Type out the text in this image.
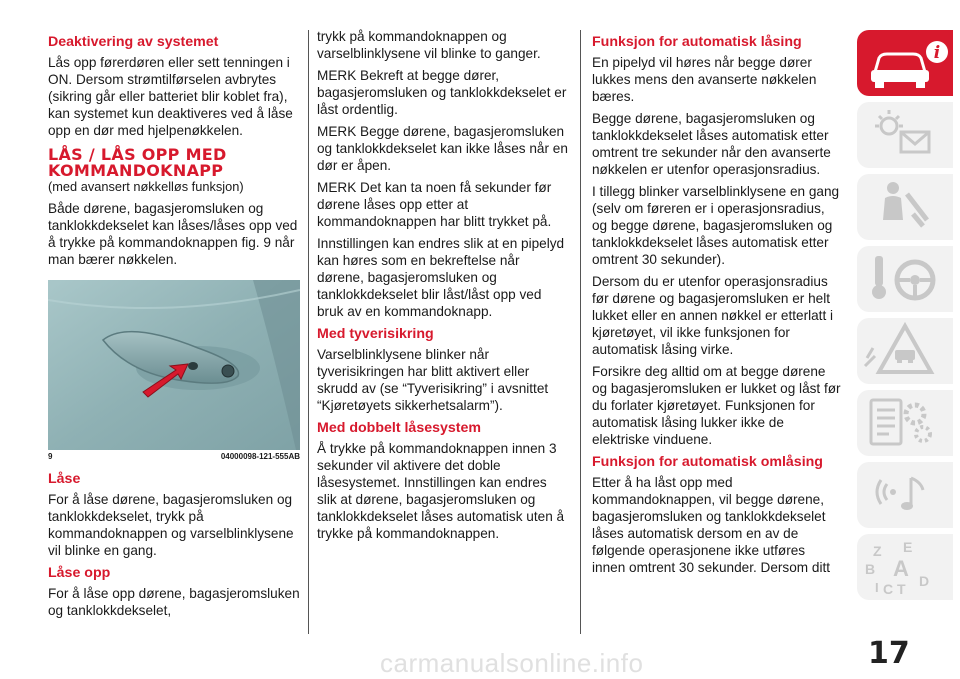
Deaktivering av systemet

Lås opp førerdøren eller sett tenningen i ON. Dersom strømtilførselen avbrytes (sikring går eller batteriet blir koblet fra), kan systemet kun deaktiveres ved å låse opp en dør med hjelpenøkkelen.

LÅS / LÅS OPP MED
KOMMANDOKNAPP
(med avansert nøkkelløs funksjon)

Både dørene, bagasjeromsluken og tanklokkdekselet kan låses/låses opp ved å trykke på kommandoknappen fig. 9 når man bærer nøkkelen.

9	04000098-121-555AB
Låse

For å låse dørene, bagasjeromsluken og tanklokkdekselet, trykk på kommandoknappen og varselblinklysene vil blinke en gang.

Låse opp

For å låse opp dørene, bagasjeromsluken og tanklokkdekselet,

trykk på kommandoknappen og varselblinklysene vil blinke to ganger.

MERK Bekreft at begge dører, bagasjeromsluken og tanklokkdekselet er låst ordentlig.

MERK Begge dørene, bagasjeromsluken og tanklokkdekselet kan ikke låses når en dør er åpen.

MERK Det kan ta noen få sekunder før dørene låses opp etter at kommandoknappen har blitt trykket på.

Innstillingen kan endres slik at en pipelyd kan høres som en bekreftelse når dørene, bagasjeromsluken og tanklokkdekselet blir låst/låst opp ved bruk av en kommandoknapp.

Med tyverisikring

Varselblinklysene blinker når tyverisikringen har blitt aktivert eller skrudd av (se “Tyverisikring” i avsnittet “Kjøretøyets sikkerhetsalarm”).

Med dobbelt låsesystem

Å trykke på kommandoknappen innen 3 sekunder vil aktivere det doble låsesystemet. Innstillingen kan endres slik at dørene, bagasjeromsluken og tanklokkdekselet låses automatisk uten å trykke på kommandoknappen.

Funksjon for automatisk låsing

En pipelyd vil høres når begge dører lukkes mens den avanserte nøkkelen bæres.

Begge dørene, bagasjeromsluken og tanklokkdekselet låses automatisk etter omtrent tre sekunder når den avanserte nøkkelen er utenfor operasjonsradius.

I tillegg blinker varselblinklysene en gang (selv om føreren er i operasjonsradius, og begge dørene, bagasjeromsluken og tanklokkdekselet låses automatisk etter omtrent 30 sekunder).

Dersom du er utenfor operasjonsradius før dørene og bagasjeromsluken er helt lukket eller en annen nøkkel er etterlatt i kjøretøyet, vil ikke funksjonen for automatisk låsing virke.

Forsikre deg alltid om at begge dørene og bagasjeromsluken er lukket og låst før du forlater kjøretøyet. Funksjonen for automatisk låsing lukker ikke de elektriske vinduene.

Funksjon for automatisk omlåsing

Etter å ha låst opp med kommandoknappen, vil begge dørene, bagasjeromsluken og tanklokkdekselet låses automatisk dersom en av de følgende operasjonene ikke utføres innen omtrent 30 sekunder. Dersom ditt

i
Z E
B A
I C T D
17
carmanualsonline.info
